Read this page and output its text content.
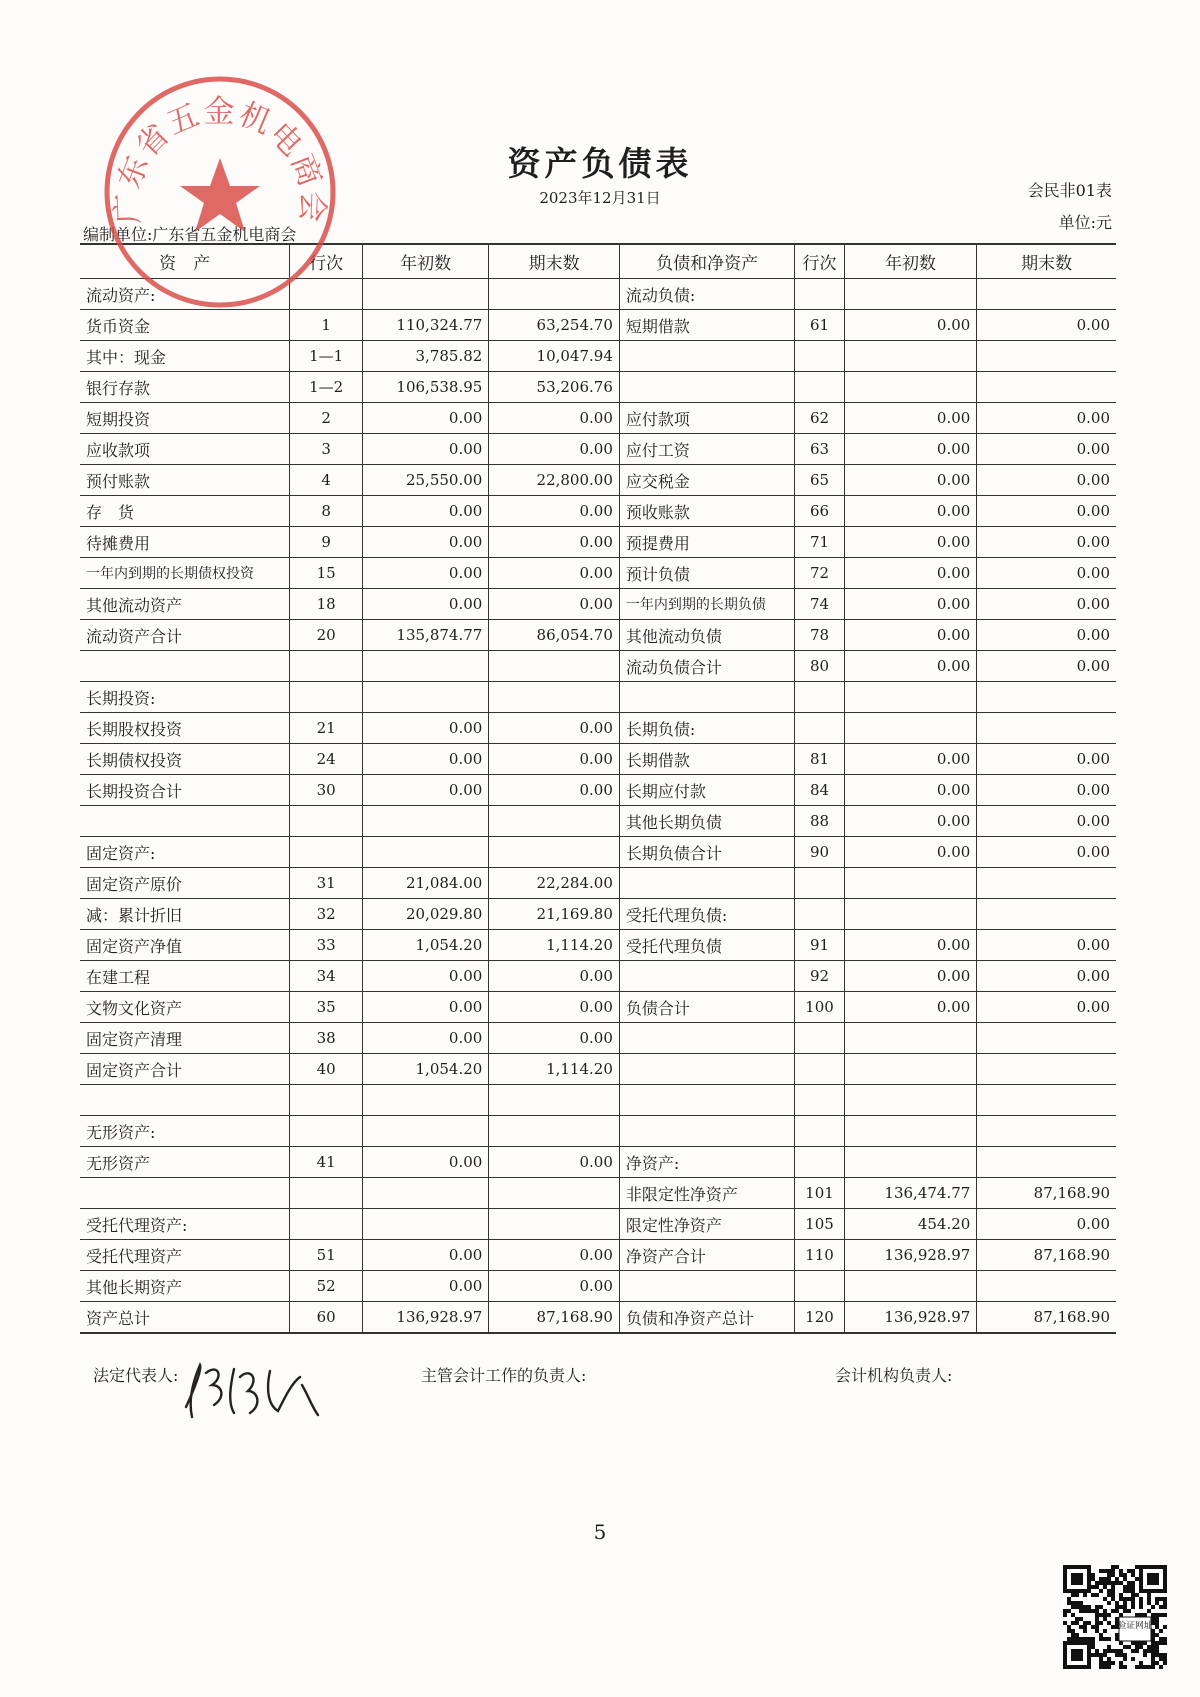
资产负债表
2023年12月31日	会民非01表
单位:元
编制单位:广东省五金机电商会
资　产	行次	年初数	期末数	负债和净资产	行次	年初数	期末数
流动资产:				流动负债:			
货币资金	1	110,324.77	63,254.70	短期借款	61	0.00	0.00
其中：现金	1—1	3,785.82	10,047.94				
银行存款	1—2	106,538.95	53,206.76				
短期投资	2	0.00	0.00	应付款项	62	0.00	0.00
应收款项	3	0.00	0.00	应付工资	63	0.00	0.00
预付账款	4	25,550.00	22,800.00	应交税金	65	0.00	0.00
存　货	8	0.00	0.00	预收账款	66	0.00	0.00
待摊费用	9	0.00	0.00	预提费用	71	0.00	0.00
一年内到期的长期债权投资	15	0.00	0.00	预计负债	72	0.00	0.00
其他流动资产	18	0.00	0.00	一年内到期的长期负债	74	0.00	0.00
流动资产合计	20	135,874.77	86,054.70	其他流动负债	78	0.00	0.00
				流动负债合计	80	0.00	0.00
长期投资:							
长期股权投资	21	0.00	0.00	长期负债:			
长期债权投资	24	0.00	0.00	长期借款	81	0.00	0.00
长期投资合计	30	0.00	0.00	长期应付款	84	0.00	0.00
				其他长期负债	88	0.00	0.00
固定资产:				长期负债合计	90	0.00	0.00
固定资产原价	31	21,084.00	22,284.00				
减：累计折旧	32	20,029.80	21,169.80	受托代理负债:			
固定资产净值	33	1,054.20	1,114.20	受托代理负债	91	0.00	0.00
在建工程	34	0.00	0.00		92	0.00	0.00
文物文化资产	35	0.00	0.00	负债合计	100	0.00	0.00
固定资产清理	38	0.00	0.00				
固定资产合计	40	1,054.20	1,114.20				

无形资产:							
无形资产	41	0.00	0.00	净资产:			
				非限定性净资产	101	136,474.77	87,168.90
受托代理资产:				限定性净资产	105	454.20	0.00
受托代理资产	51	0.00	0.00	净资产合计	110	136,928.97	87,168.90
其他长期资产	52	0.00	0.00				
资产总计	60	136,928.97	87,168.90	负债和净资产总计	120	136,928.97	87,168.90
法定代表人:	主管会计工作的负责人:	会计机构负责人:
5
广东省五金机电商会
验证网址
